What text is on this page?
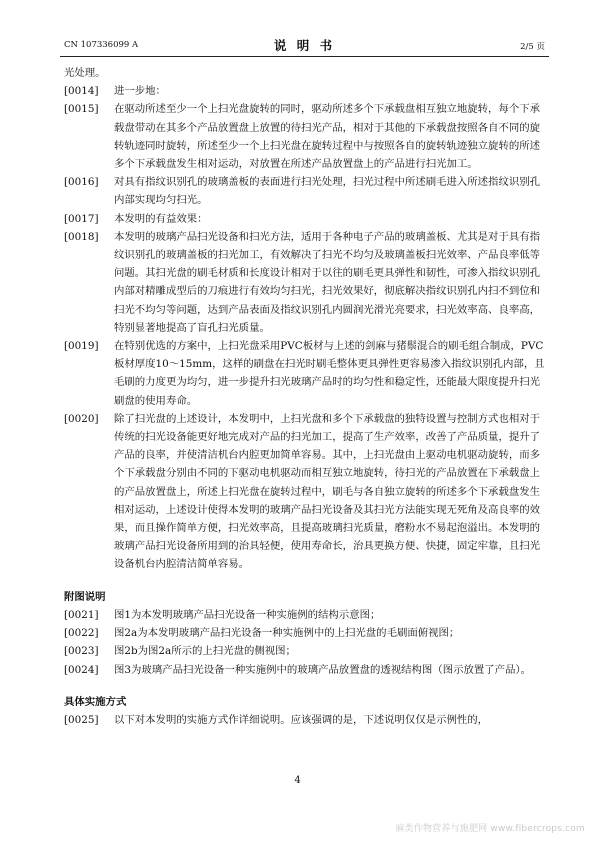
CN 107336099 A	说 明 书	2/5 页
光处理。
[0014]	进一步地：
[0015]	在驱动所述至少一个上扫光盘旋转的同时，驱动所述多个下承载盘相互独立地旋转，每个下承载盘带动在其多个产品放置盘上放置的待扫光产品，相对于其他的下承载盘按照各自不同的旋转轨迹同时旋转，所述至少一个上扫光盘在旋转过程中与按照各自的旋转轨迹独立旋转的所述多个下承载盘发生相对运动，对放置在所述产品放置盘上的产品进行扫光加工。
[0016]	对具有指纹识别孔的玻璃盖板的表面进行扫光处理，扫光过程中所述刷毛进入所述指纹识别孔内部实现均匀扫光。
[0017]	本发明的有益效果：
[0018]	本发明的玻璃产品扫光设备和扫光方法，适用于各种电子产品的玻璃盖板、尤其是对于具有指纹识别孔的玻璃盖板的扫光加工，有效解决了扫光不均匀及玻璃盖板扫光效率、产品良率低等问题。其扫光盘的刷毛材质和长度设计相对于以往的刷毛更具弹性和韧性，可渗入指纹识别孔内部对精雕成型后的刀痕进行有效均匀扫光，扫光效果好，彻底解决指纹识别孔内扫不到位和扫光不均匀等问题，达到产品表面及指纹识别孔内圆润光滑光亮要求，扫光效率高、良率高，特别显著地提高了盲孔扫光质量。
[0019]	在特别优选的方案中，上扫光盘采用PVC板材与上述的剑麻与猪鬃混合的刷毛组合制成，PVC板材厚度10～15mm，这样的刷盘在扫光时刷毛整体更具弹性更容易渗入指纹识别孔内部，且毛刷的力度更为均匀，进一步提升扫光玻璃产品时的均匀性和稳定性，还能最大限度提升扫光刷盘的使用寿命。
[0020]	除了扫光盘的上述设计，本发明中，上扫光盘和多个下承载盘的独特设置与控制方式也相对于传统的扫光设备能更好地完成对产品的扫光加工，提高了生产效率，改善了产品质量，提升了产品的良率，并使清洁机台内腔更加简单容易。其中，上扫光盘由上驱动电机驱动旋转，而多个下承载盘分别由不同的下驱动电机驱动而相互独立地旋转，待扫光的产品放置在下承载盘上的产品放置盘上，所述上扫光盘在旋转过程中，刷毛与各自独立旋转的所述多个下承载盘发生相对运动，上述设计使得本发明的玻璃产品扫光设备及其扫光方法能实现无死角及高良率的效果，而且操作简单方便，扫光效率高，且提高玻璃扫光质量，磨粉水不易起泡溢出。本发明的玻璃产品扫光设备所用到的治具轻便，使用寿命长，治具更换方便、快捷，固定牢靠，且扫光设备机台内腔清洁简单容易。
附图说明
[0021]	图1为本发明玻璃产品扫光设备一种实施例的结构示意图；
[0022]	图2a为本发明玻璃产品扫光设备一种实施例中的上扫光盘的毛刷面俯视图；
[0023]	图2b为图2a所示的上扫光盘的侧视图；
[0024]	图3为玻璃产品扫光设备一种实施例中的玻璃产品放置盘的透视结构图（图示放置了产品）。
具体实施方式
[0025]	以下对本发明的实施方式作详细说明。应该强调的是，下述说明仅仅是示例性的，
4
麻类作物营养与施肥网 www.fibercrops.com
